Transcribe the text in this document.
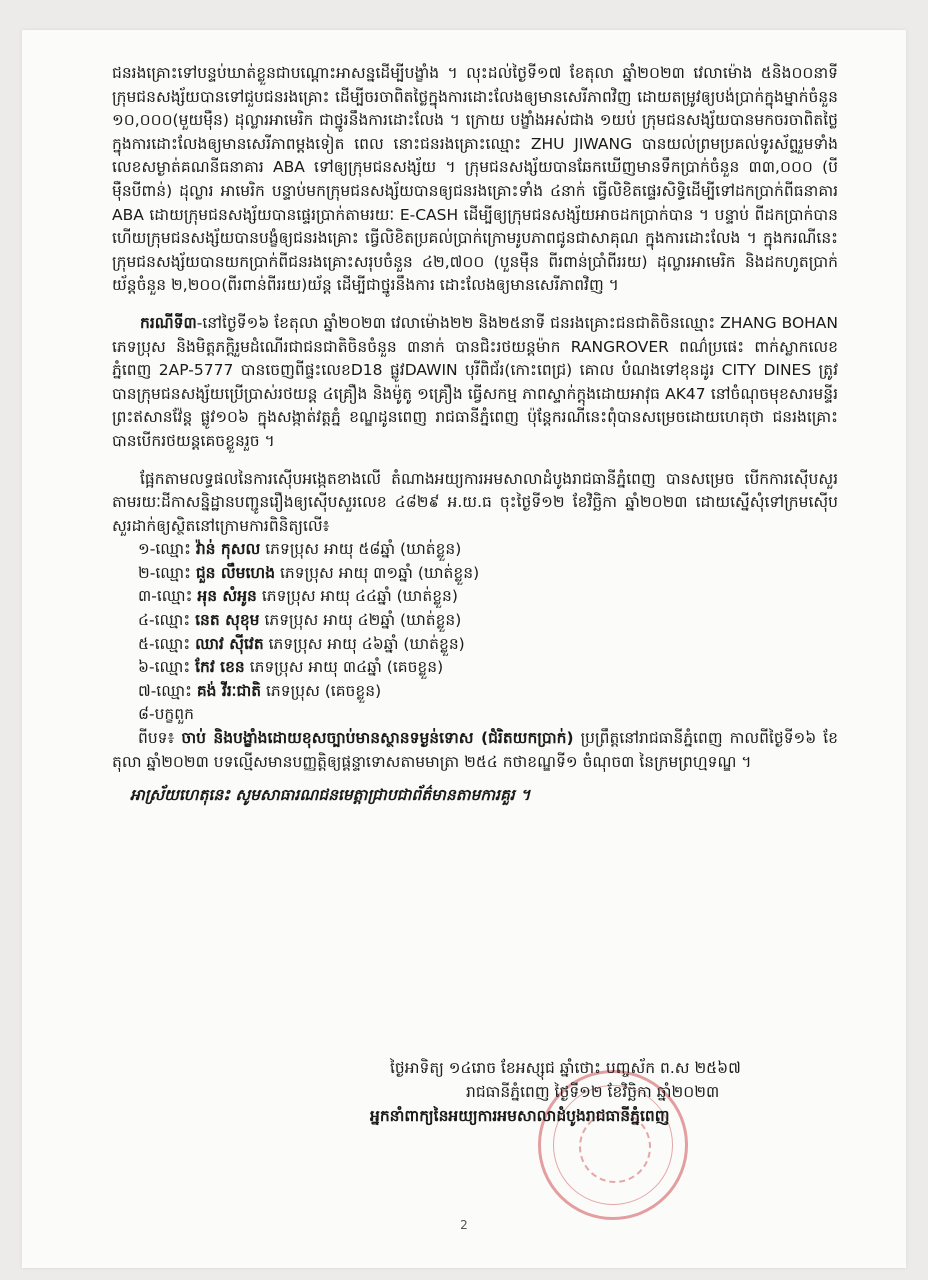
ជនរងគ្រោះទៅបន្ទប់ឃាត់ខ្លួនជាបណ្ដោះអាសន្នដើម្បីបង្ខាំង ។ លុះដល់ថ្ងៃទី១៧ ខែតុលា ឆ្នាំ២០២៣ វេលាម៉ោង ៥និង០០នាទី ក្រុមជនសង្ស័យបានទៅជួបជនរងគ្រោះ ដើម្បីចរចាពិតថ្លៃក្នុងការដោះលែងឲ្យមានសេរីភាពវិញ ដោយតម្រូវឲ្យបង់ប្រាក់ក្នុងម្នាក់ចំនួន ១០,០០០(មួយម៉ឺន) ដុល្លារអាមេរិក ជាថ្នូរនឹងការដោះលែង ។ ក្រោយ បង្ខាំងអស់ជាង ១យប់ ក្រុមជនសង្ស័យបានមកចរចាពិតថ្លៃក្នុងការដោះលែងឲ្យមានសេរីភាពម្ដងទៀត ពេល នោះជនរងគ្រោះឈ្មោះ ZHU JIWANG បានយល់ព្រមប្រគល់ទូរស័ព្ទរួមទាំងលេខសម្ងាត់គណនីធនាគារ ABA ទៅឲ្យក្រុមជនសង្ស័យ ។ ក្រុមជនសង្ស័យបានឆែកឃើញមានទឹកប្រាក់ចំនួន ៣៣,០០០ (បីម៉ឺនបីពាន់) ដុល្លារ អាមេរិក បន្ទាប់មកក្រុមជនសង្ស័យបានឲ្យជនរងគ្រោះទាំង ៤នាក់ ធ្វើលិខិតផ្ទេរសិទ្ធិដើម្បីទៅដកប្រាក់ពីធនាគារ ABA ដោយក្រុមជនសង្ស័យបានផ្ទេរប្រាក់តាមរយៈ E-CASH ដើម្បីឲ្យក្រុមជនសង្ស័យអាចដកប្រាក់បាន ។ បន្ទាប់ ពីដកប្រាក់បានហើយក្រុមជនសង្ស័យបានបង្ខំឲ្យជនរងគ្រោះ ធ្វើលិខិតប្រគល់ប្រាក់ក្រោមរូបភាពជូនជាសាគុណ ក្នុងការដោះលែង ។ ក្នុងករណីនេះ ក្រុមជនសង្ស័យបានយកប្រាក់ពីជនរងគ្រោះសរុបចំនួន ៤២,៧០០ (បួនម៉ឺន ពីរពាន់ប្រាំពីររយ) ដុល្លារអាមេរិក និងដកហូតប្រាក់យ័ន្តចំនួន ២,២០០(ពីរពាន់ពីររយ)យ័ន្ត ដើម្បីជាថ្នូរនឹងការ ដោះលែងឲ្យមានសេរីភាពវិញ ។

ករណីទី៣-នៅថ្ងៃទី១៦ ខែតុលា ឆ្នាំ២០២៣ វេលាម៉ោង២២ និង២៥នាទី ជនរងគ្រោះជនជាតិចិនឈ្មោះ ZHANG BOHAN ភេទប្រុស និងមិត្តភក្តិរួមដំណើរជាជនជាតិចិនចំនួន ៣នាក់ បានជិះរថយន្តម៉ាក RANGROVER ពណ៌ប្រផេះ ពាក់ស្លាកលេខភ្នំពេញ 2AP-5777 បានចេញពីផ្ទះលេខD18 ផ្លូវDAWIN បុរីពិជ័រ(កោះពេជ្រ) គោល បំណងទៅខុនដូរ CITY DINES ត្រូវបានក្រុមជនសង្ស័យប្រើប្រាស់រថយន្ត ៤គ្រឿង និងម៉ូតូ ១គ្រឿង ធ្វើសកម្ម ភាពស្ទាក់ក្ដុងដោយអាវុធ AK47 នៅចំណុចមុខសារមន្ទីរព្រះឥសានវ៉ែន្ត ផ្លូវ១០៦ ក្នុងសង្កាត់វត្តភ្នំ ខណ្ឌដូនពេញ រាជធានីភ្នំពេញ ប៉ុន្តែករណីនេះពុំបានសម្រេចដោយហេតុថា ជនរងគ្រោះបានបើករថយន្តគេចខ្លួនរួច ។

ផ្អែកតាមលទ្ធផលនៃការស៊ើបអង្កេតខាងលើ តំណាងអយ្យការអមសាលាដំបូងរាជធានីភ្នំពេញ បានសម្រេច បើកការស៊ើបសួរតាមរយៈដីកាសន្និដ្ឋានបញ្ជូនរឿងឲ្យស៊ើបសួរលេខ ៤៨២៩ អ.យ.ធ ចុះថ្ងៃទី១២ ខែវិច្ឆិកា ឆ្នាំ២០២៣ ដោយស្នើសុំទៅក្រមស៊ើបសួរដាក់ឲ្យស្ថិតនៅក្រោមការពិនិត្យលើ៖

១-ឈ្មោះ វ៉ាន់ កុសល ភេទប្រុស អាយុ ៥៨ឆ្នាំ (ឃាត់ខ្លួន)
២-ឈ្មោះ ជួន លឹមហេង ភេទប្រុស អាយុ ៣១ឆ្នាំ (ឃាត់ខ្លួន)
៣-ឈ្មោះ អុន សំអូន ភេទប្រុស អាយុ ៤៤ឆ្នាំ (ឃាត់ខ្លួន)
៤-ឈ្មោះ នេត សុខុម ភេទប្រុស អាយុ ៤២ឆ្នាំ (ឃាត់ខ្លួន)
៥-ឈ្មោះ ឈាវ ស៊ីវេត ភេទប្រុស អាយុ ៤៦ឆ្នាំ (ឃាត់ខ្លួន)
៦-ឈ្មោះ កែវ ខេន ភេទប្រុស អាយុ ៣៤ឆ្នាំ (គេចខ្លួន)
៧-ឈ្មោះ គង់ វីរៈជាតិ ភេទប្រុស (គេចខ្លួន)
៨-បក្ខពួក

ពីបទ៖ ចាប់ និងបង្ខាំងដោយខុសច្បាប់មានស្ថានទម្ងន់ទោស (ជំរិតយកប្រាក់) ប្រព្រឹត្តនៅរាជធានីភ្នំពេញ កាលពីថ្ងៃទី១៦ ខែតុលា ឆ្នាំ២០២៣ បទល្មើសមានបញ្ញត្តិឲ្យផ្ដន្ទាទោសតាមមាត្រា ២៥៤ កថាខណ្ឌទី១ ចំណុច៣ នៃក្រមព្រហ្មទណ្ឌ ។

អាស្រ័យហេតុនេះ សូមសាធារណជនមេត្តាជ្រាបជាព័ត៌មានតាមការគួរ ។

ថ្ងៃអាទិត្យ ១៤រោច ខែអស្សុជ ឆ្នាំថោះ បញ្ចស័ក ព.ស ២៥៦៧
រាជធានីភ្នំពេញ ថ្ងៃទី១២ ខែវិច្ឆិកា ឆ្នាំ២០២៣
អ្នកនាំពាក្យនៃអយ្យការអមសាលាដំបូងរាជធានីភ្នំពេញ
2
